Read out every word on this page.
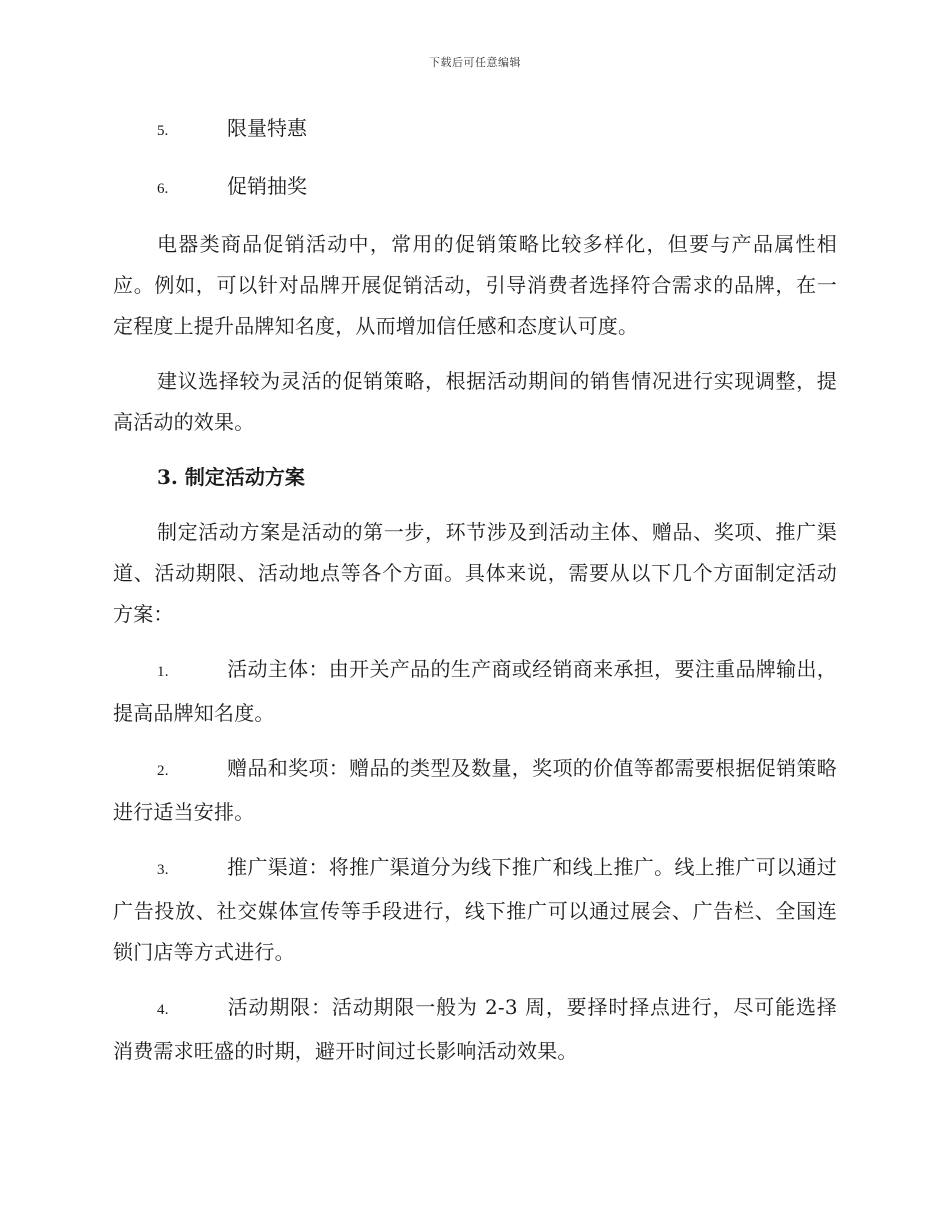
下载后可任意编辑
5.	限量特惠
6.	促销抽奖

电器类商品促销活动中，常用的促销策略比较多样化，但要与产品属性相应。例如，可以针对品牌开展促销活动，引导消费者选择符合需求的品牌，在一定程度上提升品牌知名度，从而增加信任感和态度认可度。

建议选择较为灵活的促销策略，根据活动期间的销售情况进行实现调整，提高活动的效果。

3. 制定活动方案

制定活动方案是活动的第一步，环节涉及到活动主体、赠品、奖项、推广渠道、活动期限、活动地点等各个方面。具体来说，需要从以下几个方面制定活动方案：

1.	活动主体：由开关产品的生产商或经销商来承担，要注重品牌输出，提高品牌知名度。

2.	赠品和奖项：赠品的类型及数量，奖项的价值等都需要根据促销策略进行适当安排。

3.	推广渠道：将推广渠道分为线下推广和线上推广。线上推广可以通过广告投放、社交媒体宣传等手段进行，线下推广可以通过展会、广告栏、全国连锁门店等方式进行。

4.	活动期限：活动期限一般为 2-3 周，要择时择点进行，尽可能选择消费需求旺盛的时期，避开时间过长影响活动效果。
